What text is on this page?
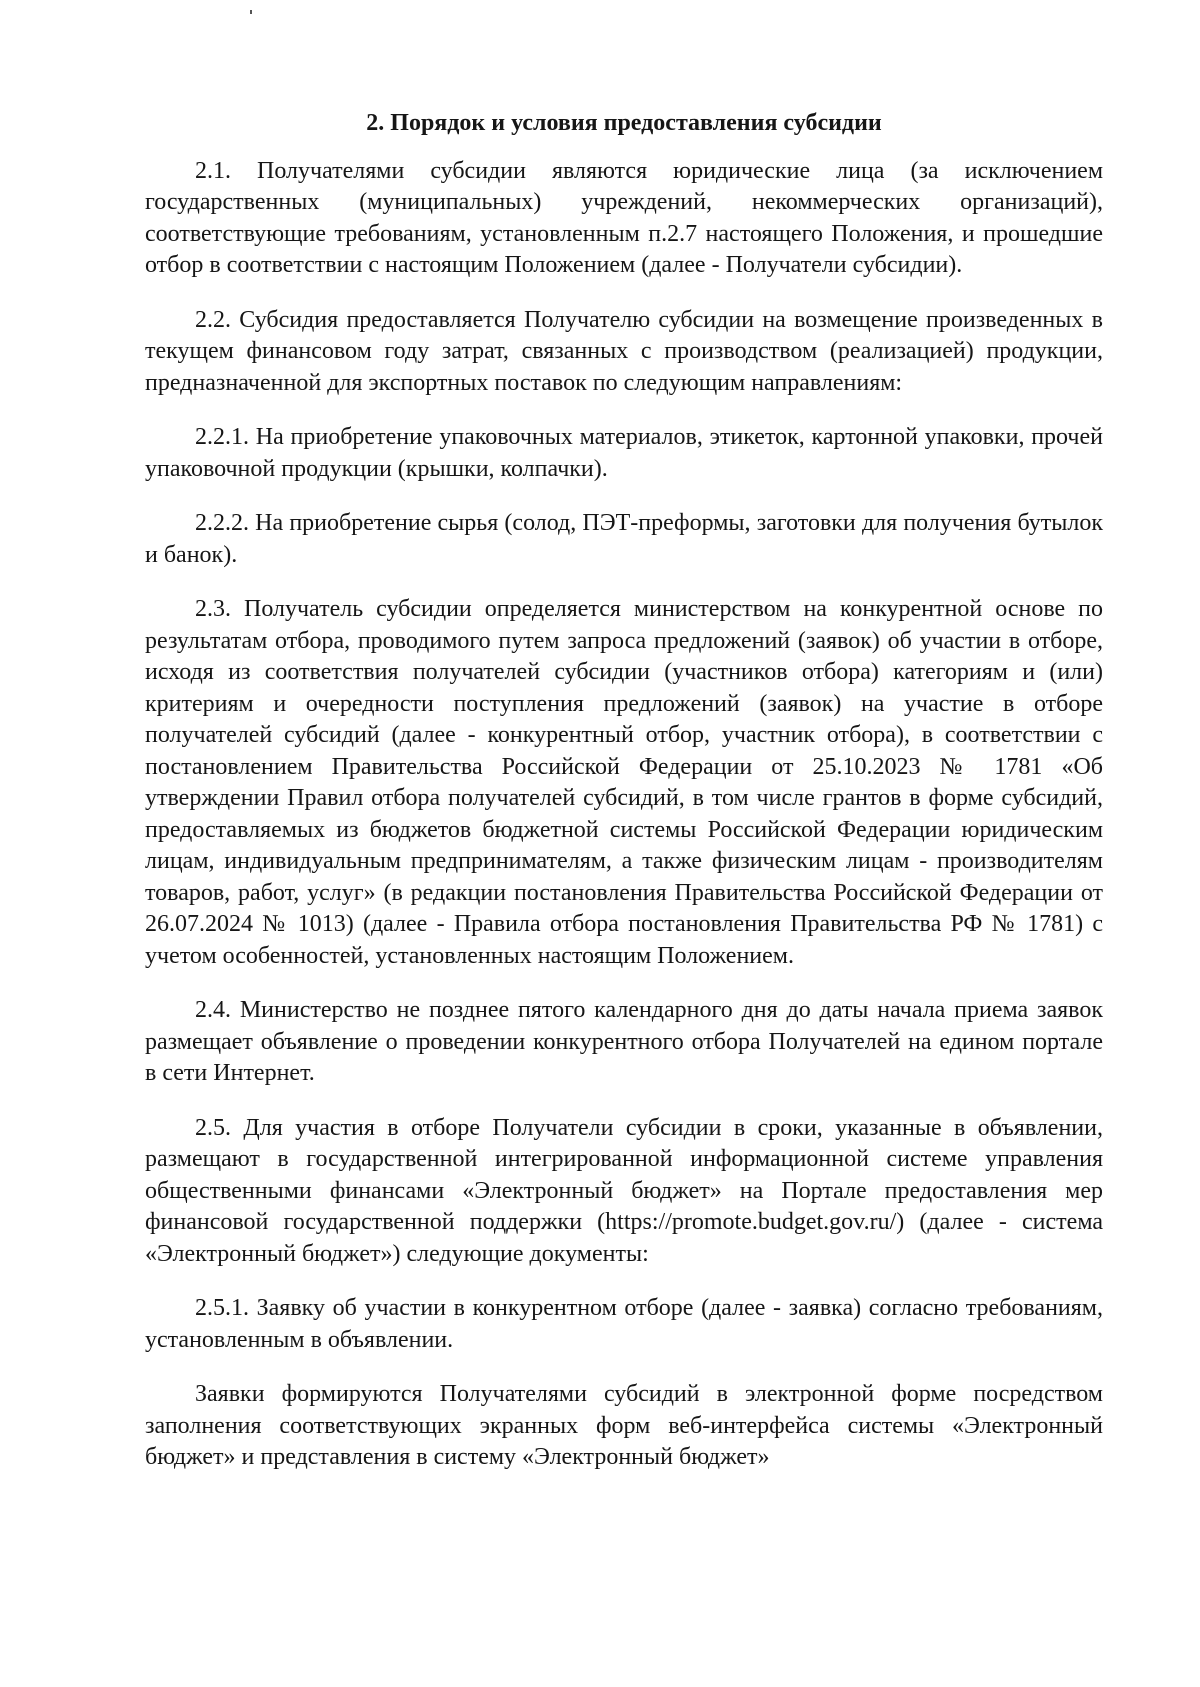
2. Порядок и условия предоставления субсидии

2.1. Получателями субсидии являются юридические лица (за исключением государственных (муниципальных) учреждений, некоммерческих организаций), соответствующие требованиям, установленным п.2.7 настоящего Положения, и прошедшие отбор в соответствии с настоящим Положением (далее - Получатели субсидии).

2.2. Субсидия предоставляется Получателю субсидии на возмещение произведенных в текущем финансовом году затрат, связанных с производством (реализацией) продукции, предназначенной для экспортных поставок по следующим направлениям:

2.2.1. На приобретение упаковочных материалов, этикеток, картонной упаковки, прочей упаковочной продукции (крышки, колпачки).

2.2.2. На приобретение сырья (солод, ПЭТ-преформы, заготовки для получения бутылок и банок).

2.3. Получатель субсидии определяется министерством на конкурентной основе по результатам отбора, проводимого путем запроса предложений (заявок) об участии в отборе, исходя из соответствия получателей субсидии (участников отбора) категориям и (или) критериям и очередности поступления предложений (заявок) на участие в отборе получателей субсидий (далее - конкурентный отбор, участник отбора), в соответствии с постановлением Правительства Российской Федерации от 25.10.2023 № 1781 «Об утверждении Правил отбора получателей субсидий, в том числе грантов в форме субсидий, предоставляемых из бюджетов бюджетной системы Российской Федерации юридическим лицам, индивидуальным предпринимателям, а также физическим лицам - производителям товаров, работ, услуг» (в редакции постановления Правительства Российской Федерации от 26.07.2024 № 1013) (далее - Правила отбора постановления Правительства РФ № 1781) с учетом особенностей, установленных настоящим Положением.

2.4. Министерство не позднее пятого календарного дня до даты начала приема заявок размещает объявление о проведении конкурентного отбора Получателей на едином портале в сети Интернет.

2.5. Для участия в отборе Получатели субсидии в сроки, указанные в объявлении, размещают в государственной интегрированной информационной системе управления общественными финансами «Электронный бюджет» на Портале предоставления мер финансовой государственной поддержки (https://promote.budget.gov.ru/) (далее - система «Электронный бюджет») следующие документы:

2.5.1. Заявку об участии в конкурентном отборе (далее - заявка) согласно требованиям, установленным в объявлении.

Заявки формируются Получателями субсидий в электронной форме посредством заполнения соответствующих экранных форм веб-интерфейса системы «Электронный бюджет» и представления в систему «Электронный бюджет»
